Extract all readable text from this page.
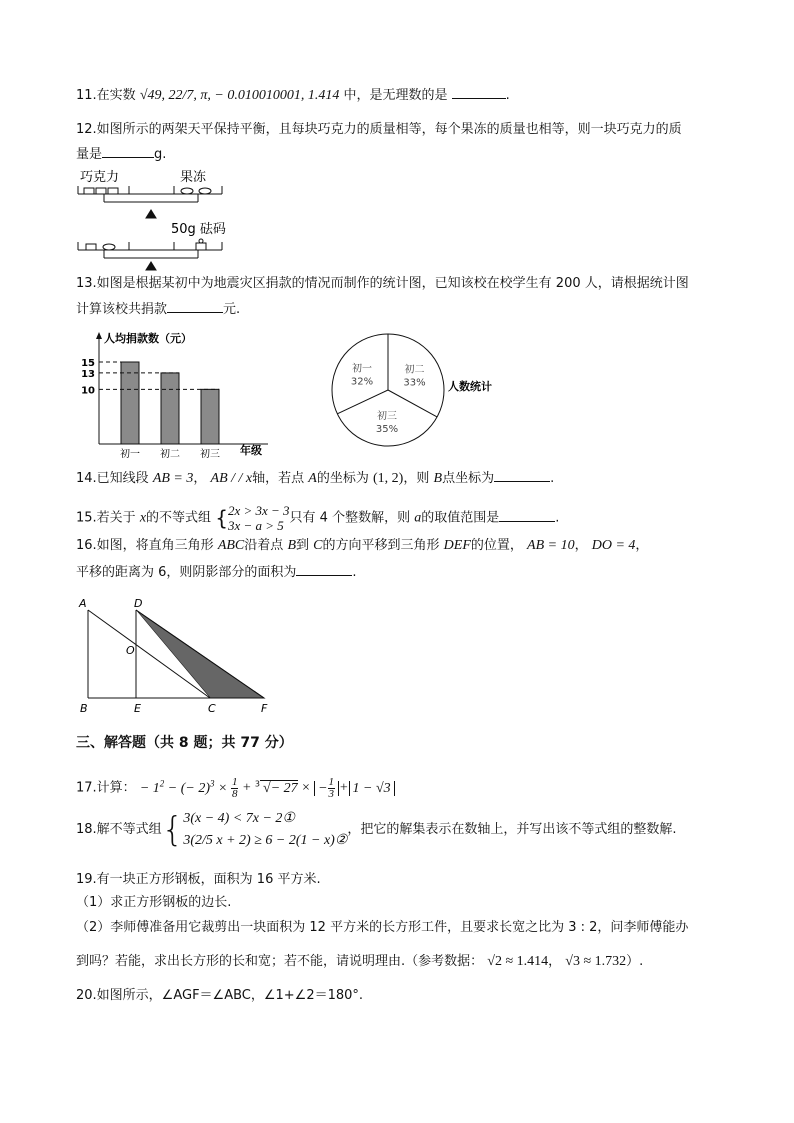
11.在实数 √49, 22/7, π, − 0.010010001, 1.414 中，是无理数的是	.
12.如图所示的两架天平保持平衡，且每块巧克力的质量相等，每个果冻的质量也相等，则一块巧克力的质
量是	g.
巧克力	果冻
50g 砝码
13.如图是根据某初中为地震灾区捐款的情况而制作的统计图，已知该校在校学生有 200 人，请根据统计图
计算该校共捐款	元.
人均捐款数（元）
年级
初一 初二 初三
15
13
10
初二
33%
初三
35%
初一
32%	人数统计
14.已知线段 AB = 3， AB / / x轴，若点 A的坐标为 (1, 2)，则 B点坐标为	.
15.若关于 x的不等式组 { 2x > 3x − 3
3x − a > 5 只有 4 个整数解，则 a的取值范围是	.
16.如图，将直角三角形 ABC沿着点 B到 C的方向平移到三角形 DEF的位置， AB = 10， DO = 4，
平移的距离为 6，则阴影部分的面积为	.
A	D
O
B	E	C	F
三、解答题（共 8 题；共 77 分）
17.计算： − $1^2$ − (− $2)^3 \times \frac{1}{8} + ^3$ √− 27 × − $\frac{1}{3} + 1 - √3$
18.解不等式组{ 3(x − 4) < 7x − 2①
3(2/5 x + 2) ≥ 6 − 2(1 − x)②
，把它的解集表示在数轴上，并写出该不等式组的整数解.
19.有一块正方形钢板，面积为 16 平方米.
（1）求正方形钢板的边长.
（2）李师傅准备用它裁剪出一块面积为 12 平方米的长方形工件，且要求长宽之比为 3 : 2，问李师傅能办
到吗？若能，求出长方形的长和宽；若不能，请说明理由.（参考数据： √2 ≈ 1.414， √3 ≈ 1.732）.
20.如图所示，∠AGF＝∠ABC，∠1+∠2＝180°.
